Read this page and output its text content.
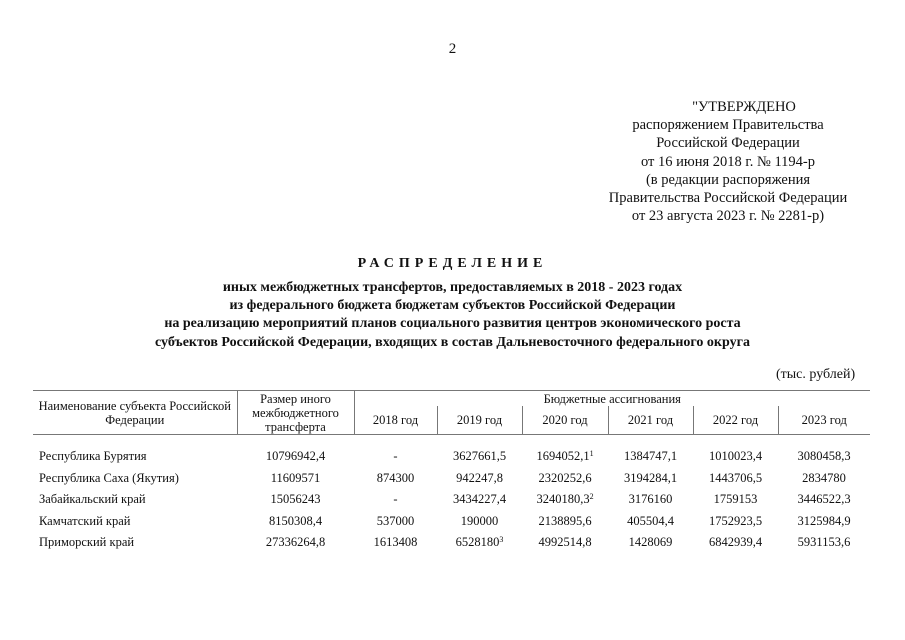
2
"УТВЕРЖДЕНО
распоряжением Правительства
Российской Федерации
от 16 июня 2018 г. № 1194-р
(в редакции распоряжения
Правительства Российской Федерации
от 23 августа 2023 г. № 2281-р)
РАСПРЕДЕЛЕНИЕ
иных межбюджетных трансфертов, предоставляемых в 2018 - 2023 годах
из федерального бюджета бюджетам субъектов Российской Федерации
на реализацию мероприятий планов социального развития центров экономического роста
субъектов Российской Федерации, входящих в состав Дальневосточного федерального округа
(тыс. рублей)
Наименование субъекта Российской Федерации	Размер иного межбюджетного трансферта	Бюджетные ассигнования					
		2018 год	2019 год	2020 год	2021 год	2022 год	2023 год

Республика Бурятия	10796942,4	-	3627661,5	1694052,1$^1$	1384747,1	1010023,4	3080458,3
Республика Саха (Якутия)	11609571	874300	942247,8	2320252,6	3194284,1	1443706,5	2834780
Забайкальский край	15056243	-	3434227,4	3240180,3$^2$	3176160	1759153	3446522,3
Камчатский край	8150308,4	537000	190000	2138895,6	405504,4	1752923,5	3125984,9
Приморский край	27336264,8	1613408	6528180$^3$	4992514,8	1428069	6842939,4	5931153,6
